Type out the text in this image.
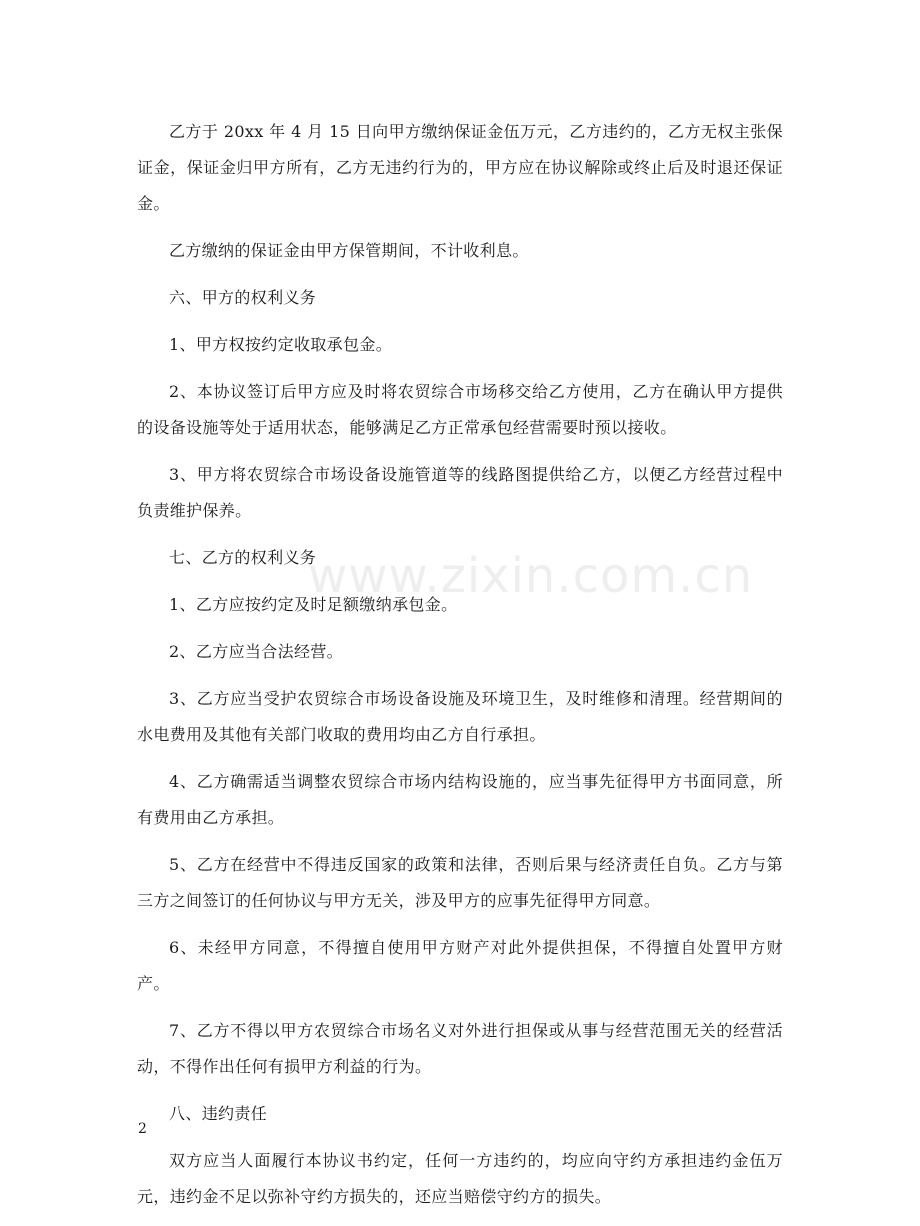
乙方于 20xx 年 4 月 15 日向甲方缴纳保证金伍万元，乙方违约的，乙方无权主张保证金，保证金归甲方所有，乙方无违约行为的，甲方应在协议解除或终止后及时退还保证金。

乙方缴纳的保证金由甲方保管期间，不计收利息。

六、甲方的权利义务

1、甲方权按约定收取承包金。

2、本协议签订后甲方应及时将农贸综合市场移交给乙方使用，乙方在确认甲方提供的设备设施等处于适用状态，能够满足乙方正常承包经营需要时预以接收。

3、甲方将农贸综合市场设备设施管道等的线路图提供给乙方，以便乙方经营过程中负责维护保养。

七、乙方的权利义务

1、乙方应按约定及时足额缴纳承包金。

2、乙方应当合法经营。

3、乙方应当受护农贸综合市场设备设施及环境卫生，及时维修和清理。经营期间的水电费用及其他有关部门收取的费用均由乙方自行承担。

4、乙方确需适当调整农贸综合市场内结构设施的，应当事先征得甲方书面同意，所有费用由乙方承担。

5、乙方在经营中不得违反国家的政策和法律，否则后果与经济责任自负。乙方与第三方之间签订的任何协议与甲方无关，涉及甲方的应事先征得甲方同意。

6、未经甲方同意，不得擅自使用甲方财产对此外提供担保，不得擅自处置甲方财产。

7、乙方不得以甲方农贸综合市场名义对外进行担保或从事与经营范围无关的经营活动，不得作出任何有损甲方利益的行为。

八、违约责任

双方应当人面履行本协议书约定，任何一方违约的，均应向守约方承担违约金伍万元，违约金不足以弥补守约方损失的，还应当赔偿守约方的损失。

www.zixin.com.cn
2
